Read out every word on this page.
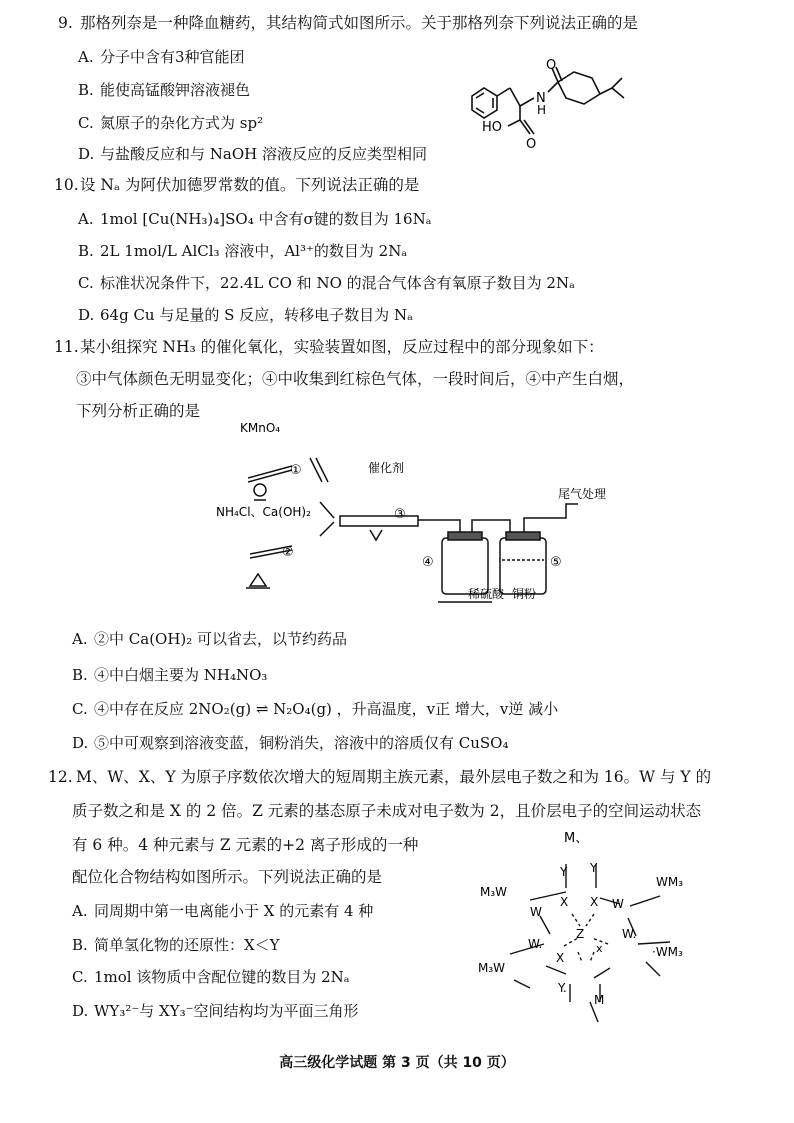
9. 那格列奈是一种降血糖药，其结构简式如图所示。关于那格列奈下列说法正确的是
A. 分子中含有3种官能团
B. 能使高锰酸钾溶液褪色
C. 氮原子的杂化方式为 sp²
D. 与盐酸反应和与 NaOH 溶液反应的反应类型相同
N
H
O
HO
O
10.设 Nₐ 为阿伏加德罗常数的值。下列说法正确的是
A. 1mol [Cu(NH₃)₄]SO₄ 中含有σ键的数目为 16Nₐ
B. 2L 1mol/L AlCl₃ 溶液中，Al³⁺的数目为 2Nₐ
C. 标准状况条件下，22.4L CO 和 NO 的混合气体含有氧原子数目为 2Nₐ
D. 64g Cu 与足量的 S 反应，转移电子数目为 Nₐ
11.某小组探究 NH₃ 的催化氧化，实验装置如图，反应过程中的部分现象如下：
③中气体颜色无明显变化；④中收集到红棕色气体，一段时间后，④中产生白烟，
下列分析正确的是
KMnO₄
NH₄Cl、Ca(OH)₂
催化剂
尾气处理
稀硫酸 铜粉
①
②
③
④	⑤
A. ②中 Ca(OH)₂ 可以省去，以节约药品
B. ④中白烟主要为 NH₄NO₃
C. ④中存在反应 2NO₂(g) ⇌ N₂O₄(g) ，升高温度，v正 增大，v逆 减小
D. ⑤中可观察到溶液变蓝，铜粉消失，溶液中的溶质仅有 CuSO₄
12. M、W、X、Y 为原子序数依次增大的短周期主族元素，最外层电子数之和为 16。W 与 Y 的
质子数之和是 X 的 2 倍。Z 元素的基态原子未成对电子数为 2，且价层电子的空间运动状态
有 6 种。4 种元素与 Z 元素的+2 离子形成的一种
配位化合物结构如图所示。下列说法正确的是
A. 同周期中第一电离能小于 X 的元素有 4 种
B. 简单氢化物的还原性：X＜Y
C. 1mol 该物质中含配位键的数目为 2Nₐ
D. WY₃²⁻与 XY₃⁻空间结构均为平面三角形
M、
Y Y
M₃W
WM₃
X X W
W
Z	W.
W.
·WM₃
x
X
M₃W
Y.
M
高三级化学试题 第 3 页（共 10 页）
